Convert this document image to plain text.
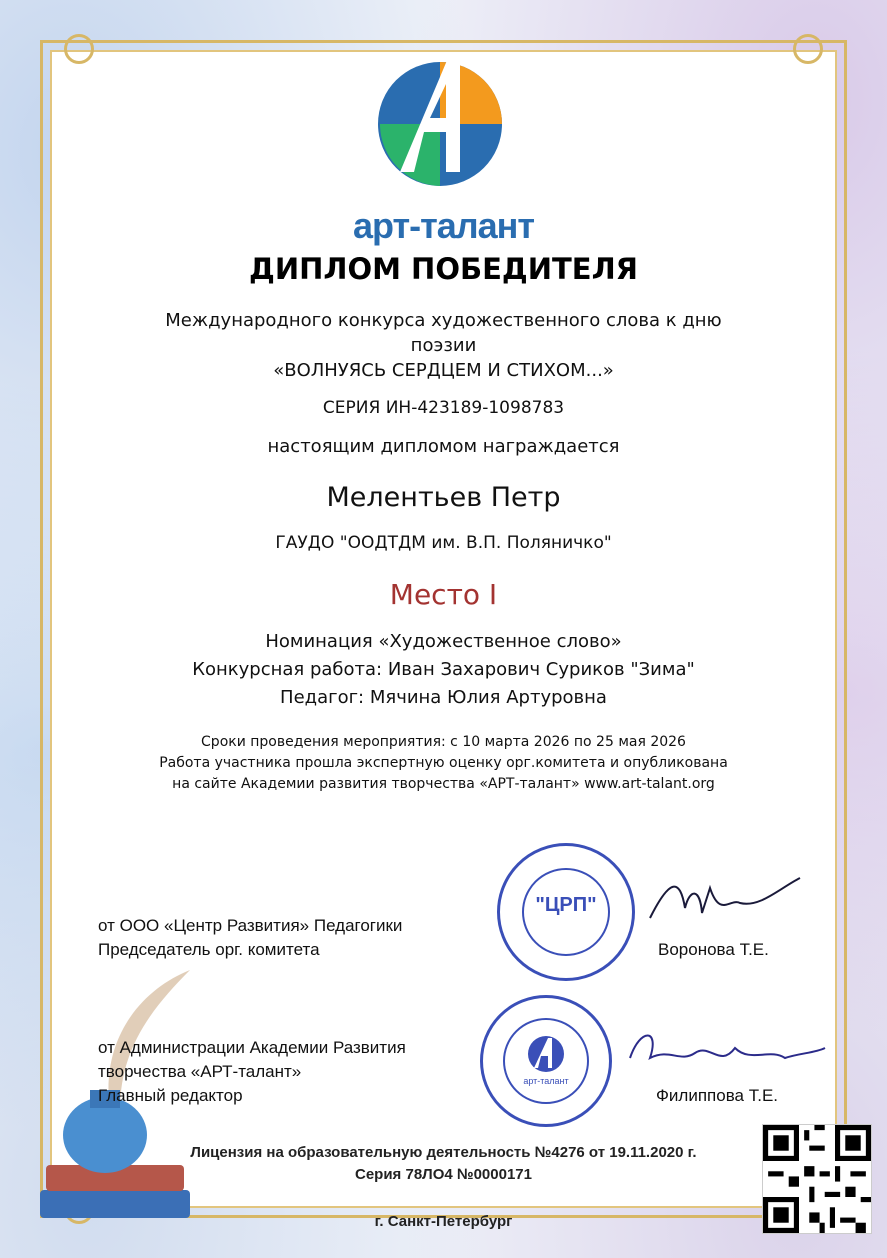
арт-талант
ДИПЛОМ ПОБЕДИТЕЛЯ
Международного конкурса художественного слова к дню
поэзии
«ВОЛНУЯСЬ СЕРДЦЕМ И СТИХОМ...»
СЕРИЯ ИН-423189-1098783
настоящим дипломом награждается
Мелентьев Петр
ГАУДО "ООДТДМ им. В.П. Поляничко"
Место I
Номинация «Художественное слово»
Конкурсная работа: Иван Захарович Суриков "Зима"
Педагог: Мячина Юлия Артуровна
Сроки проведения мероприятия: с 10 марта 2026 по 25 мая 2026
Работа участника прошла экспертную оценку орг.комитета и опубликована
на сайте Академии развития творчества «АРТ-талант» www.art-talant.org
от ООО «Центр Развития» Педагогики
Председатель орг. комитета	Воронова Т.Е.
от Администрации Академии Развития
творчества «АРТ-талант»
Главный редактор	Филиппова Т.Е.
"ЦРП"
арт-талант
Лицензия на образовательную деятельность №4276 от 19.11.2020 г.
Серия 78ЛО4 №0000171
г. Санкт-Петербург
